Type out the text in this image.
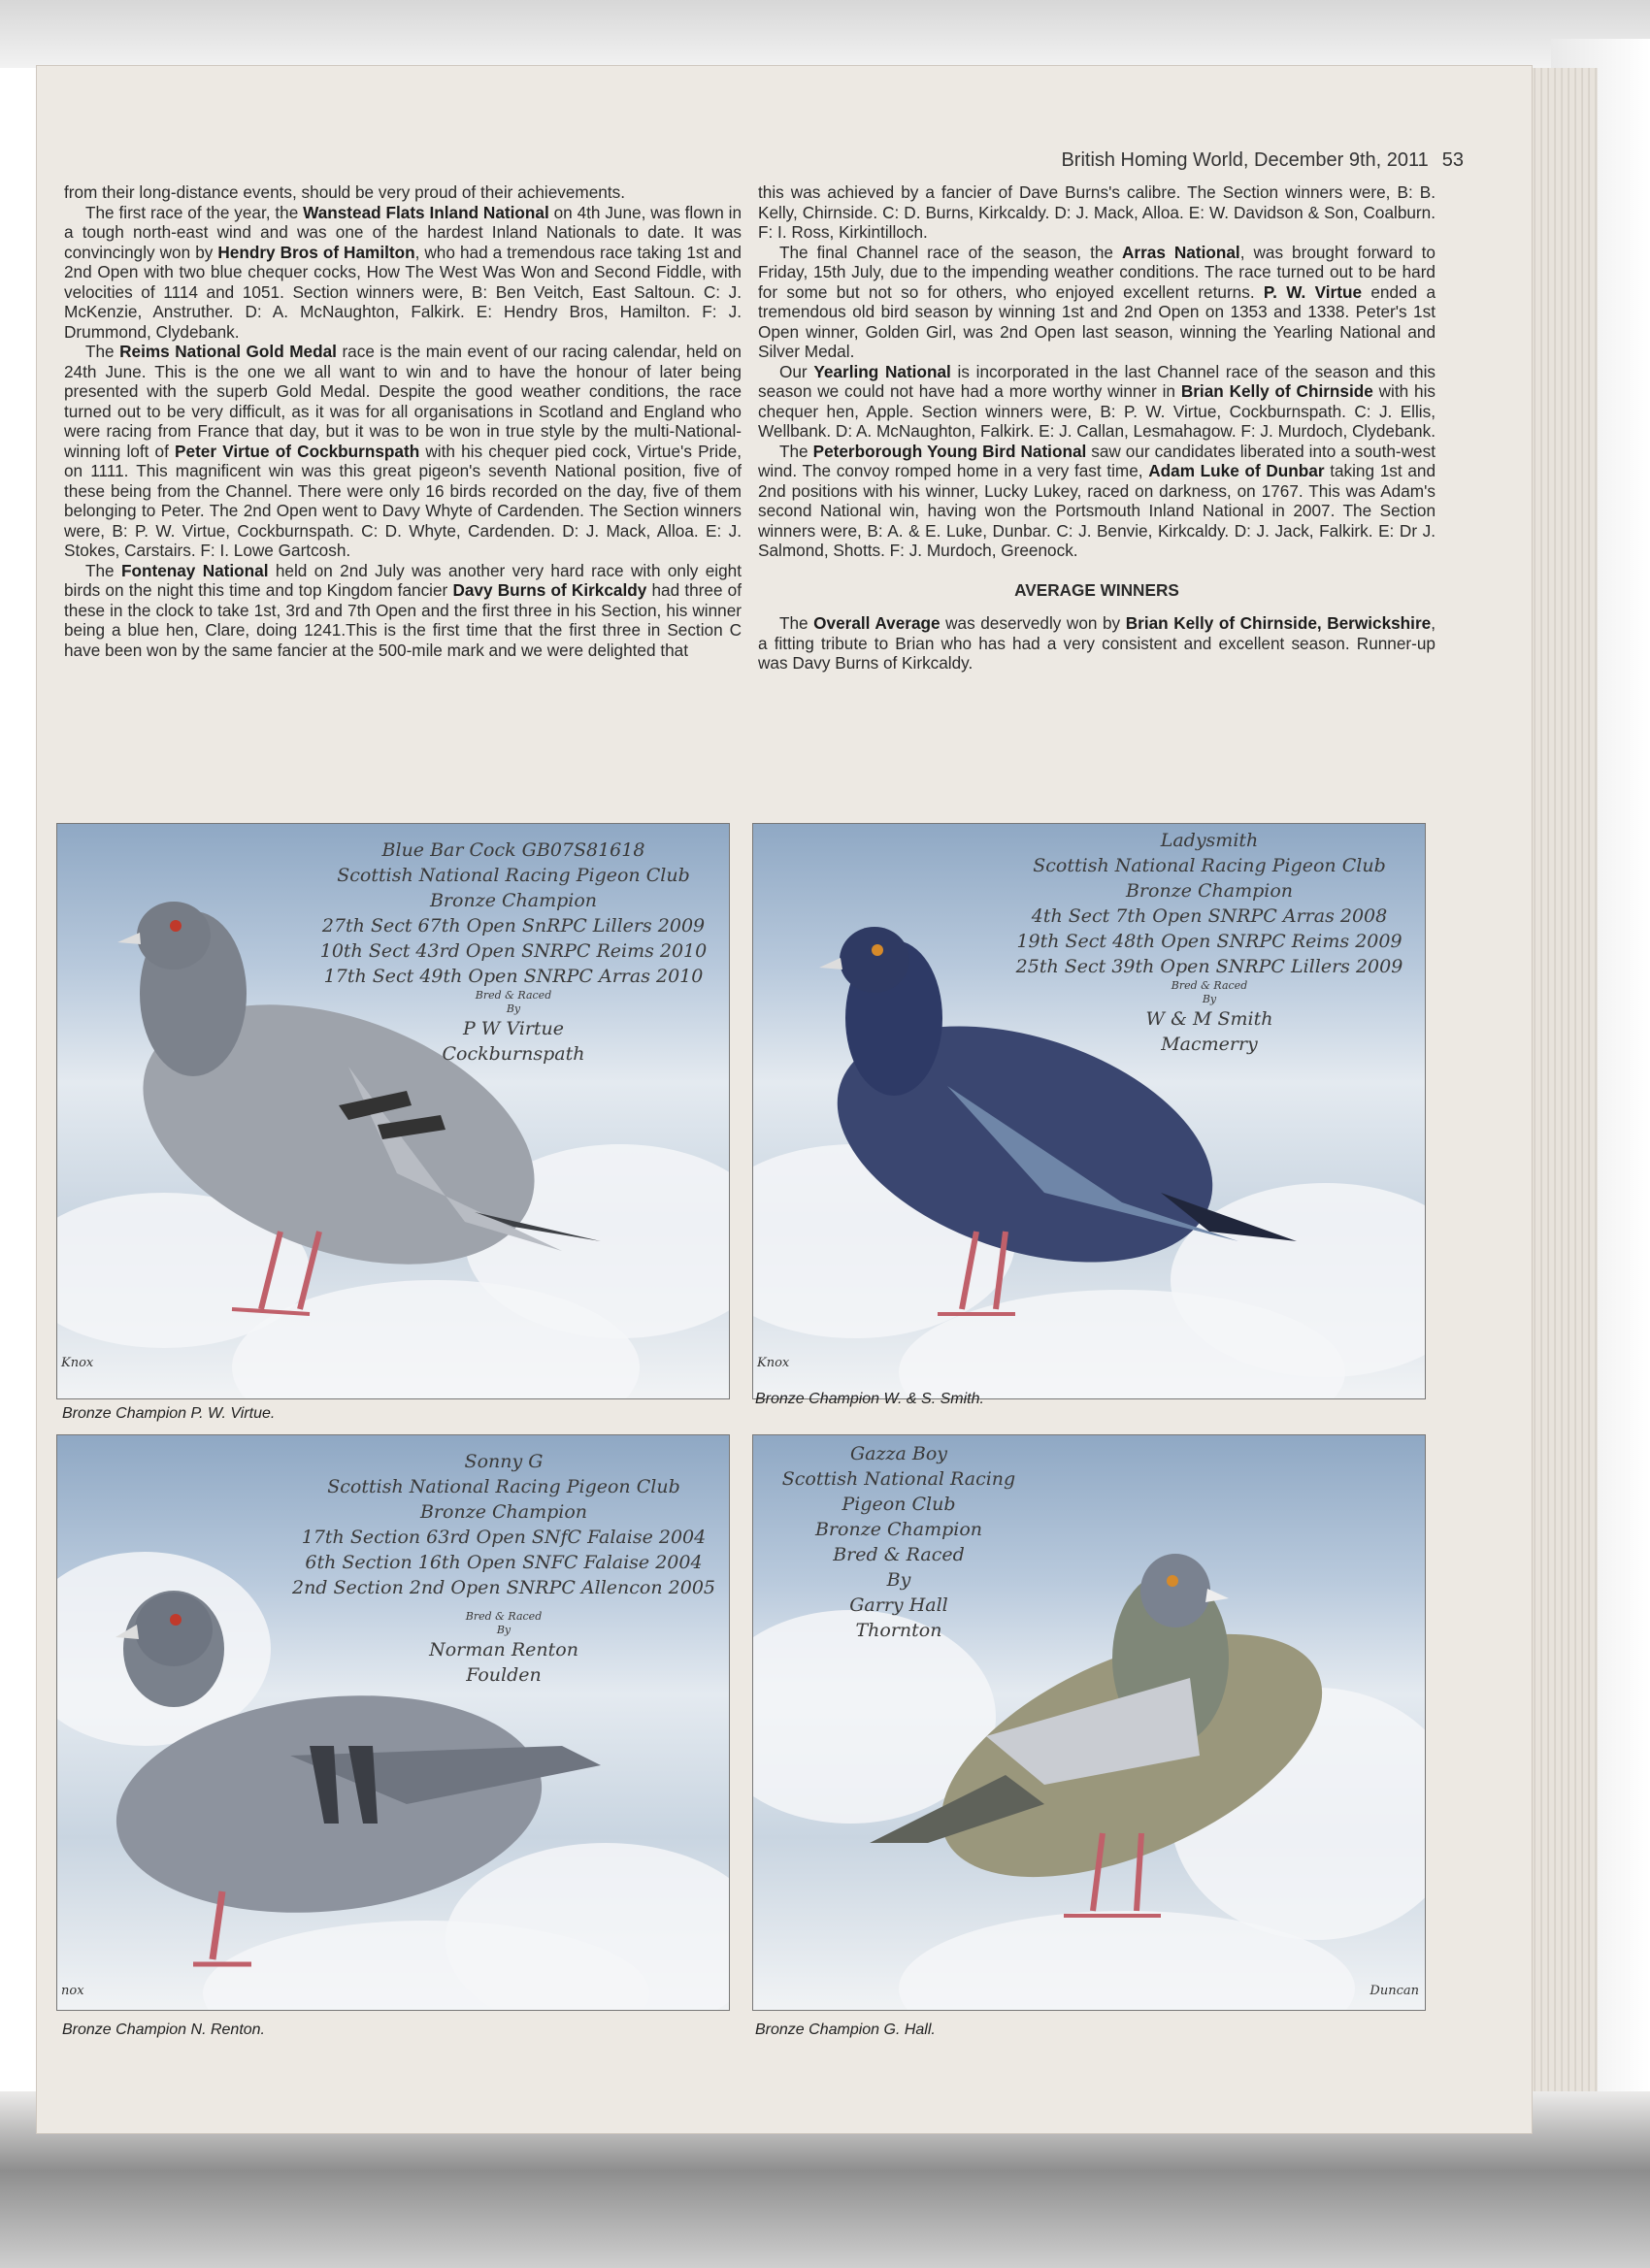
British Homing World, December 9th, 2011 53

from their long-distance events, should be very proud of their achievements.

The first race of the year, the Wanstead Flats Inland National on 4th June, was flown in a tough north-east wind and was one of the hardest Inland Nationals to date. It was convincingly won by Hendry Bros of Hamilton, who had a tremendous race taking 1st and 2nd Open with two blue chequer cocks, How The West Was Won and Second Fiddle, with velocities of 1114 and 1051. Section winners were, B: Ben Veitch, East Saltoun. C: J. McKenzie, Anstruther. D: A. McNaughton, Falkirk. E: Hendry Bros, Hamilton. F: J. Drummond, Clydebank.

The Reims National Gold Medal race is the main event of our racing calendar, held on 24th June. This is the one we all want to win and to have the honour of later being presented with the superb Gold Medal. Despite the good weather conditions, the race turned out to be very difficult, as it was for all organisations in Scotland and England who were racing from France that day, but it was to be won in true style by the multi-National-winning loft of Peter Virtue of Cockburnspath with his chequer pied cock, Virtue's Pride, on 1111. This magnificent win was this great pigeon's seventh National position, five of these being from the Channel. There were only 16 birds recorded on the day, five of them belonging to Peter. The 2nd Open went to Davy Whyte of Cardenden. The Section winners were, B: P. W. Virtue, Cockburnspath. C: D. Whyte, Cardenden. D: J. Mack, Alloa. E: J. Stokes, Carstairs. F: I. Lowe Gartcosh.

The Fontenay National held on 2nd July was another very hard race with only eight birds on the night this time and top Kingdom fancier Davy Burns of Kirkcaldy had three of these in the clock to take 1st, 3rd and 7th Open and the first three in his Section, his winner being a blue hen, Clare, doing 1241.This is the first time that the first three in Section C have been won by the same fancier at the 500-mile mark and we were delighted that

this was achieved by a fancier of Dave Burns's calibre. The Section winners were, B: B. Kelly, Chirnside. C: D. Burns, Kirkcaldy. D: J. Mack, Alloa. E: W. Davidson & Son, Coalburn. F: I. Ross, Kirkintilloch.

The final Channel race of the season, the Arras National, was brought forward to Friday, 15th July, due to the impending weather conditions. The race turned out to be hard for some but not so for others, who enjoyed excellent returns. P. W. Virtue ended a tremendous old bird season by winning 1st and 2nd Open on 1353 and 1338. Peter's 1st Open winner, Golden Girl, was 2nd Open last season, winning the Yearling National and Silver Medal.

Our Yearling National is incorporated in the last Channel race of the season and this season we could not have had a more worthy winner in Brian Kelly of Chirnside with his chequer hen, Apple. Section winners were, B: P. W. Virtue, Cockburnspath. C: J. Ellis, Wellbank. D: A. McNaughton, Falkirk. E: J. Callan, Lesmahagow. F: J. Murdoch, Clydebank.

The Peterborough Young Bird National saw our candidates liberated into a south-west wind. The convoy romped home in a very fast time, Adam Luke of Dunbar taking 1st and 2nd positions with his winner, Lucky Lukey, raced on darkness, on 1767. This was Adam's second National win, having won the Portsmouth Inland National in 2007. The Section winners were, B: A. & E. Luke, Dunbar. C: J. Benvie, Kirkcaldy. D: J. Jack, Falkirk. E: Dr J. Salmond, Shotts. F: J. Murdoch, Greenock.

AVERAGE WINNERS

The Overall Average was deservedly won by Brian Kelly of Chirnside, Berwickshire, a fitting tribute to Brian who has had a very consistent and excellent season. Runner-up was Davy Burns of Kirkcaldy.

Blue Bar Cock GB07S81618
Scottish National Racing Pigeon Club
Bronze Champion
27th Sect 67th Open SnRPC Lillers 2009
10th Sect 43rd Open SNRPC Reims 2010
17th Sect 49th Open SNRPC Arras 2010
Bred & Raced
By
P W Virtue
Cockburnspath
Knox
Bronze Champion P. W. Virtue.
Ladysmith
Scottish National Racing Pigeon Club
Bronze Champion
4th Sect 7th Open SNRPC Arras 2008
19th Sect 48th Open SNRPC Reims 2009
25th Sect 39th Open SNRPC Lillers 2009
Bred & Raced
By
W & M Smith
Macmerry
Knox
Bronze Champion W. & S. Smith.
Sonny G
Scottish National Racing Pigeon Club
Bronze Champion
17th Section 63rd Open SNfC Falaise 2004
6th Section 16th Open SNFC Falaise 2004
2nd Section 2nd Open SNRPC Allencon 2005
Bred & Raced
By
Norman Renton
Foulden
nox
Bronze Champion N. Renton.
Gazza Boy
Scottish National Racing Pigeon Club
Bronze Champion
Bred & Raced
By
Garry Hall
Thornton
Duncan
Bronze Champion G. Hall.
